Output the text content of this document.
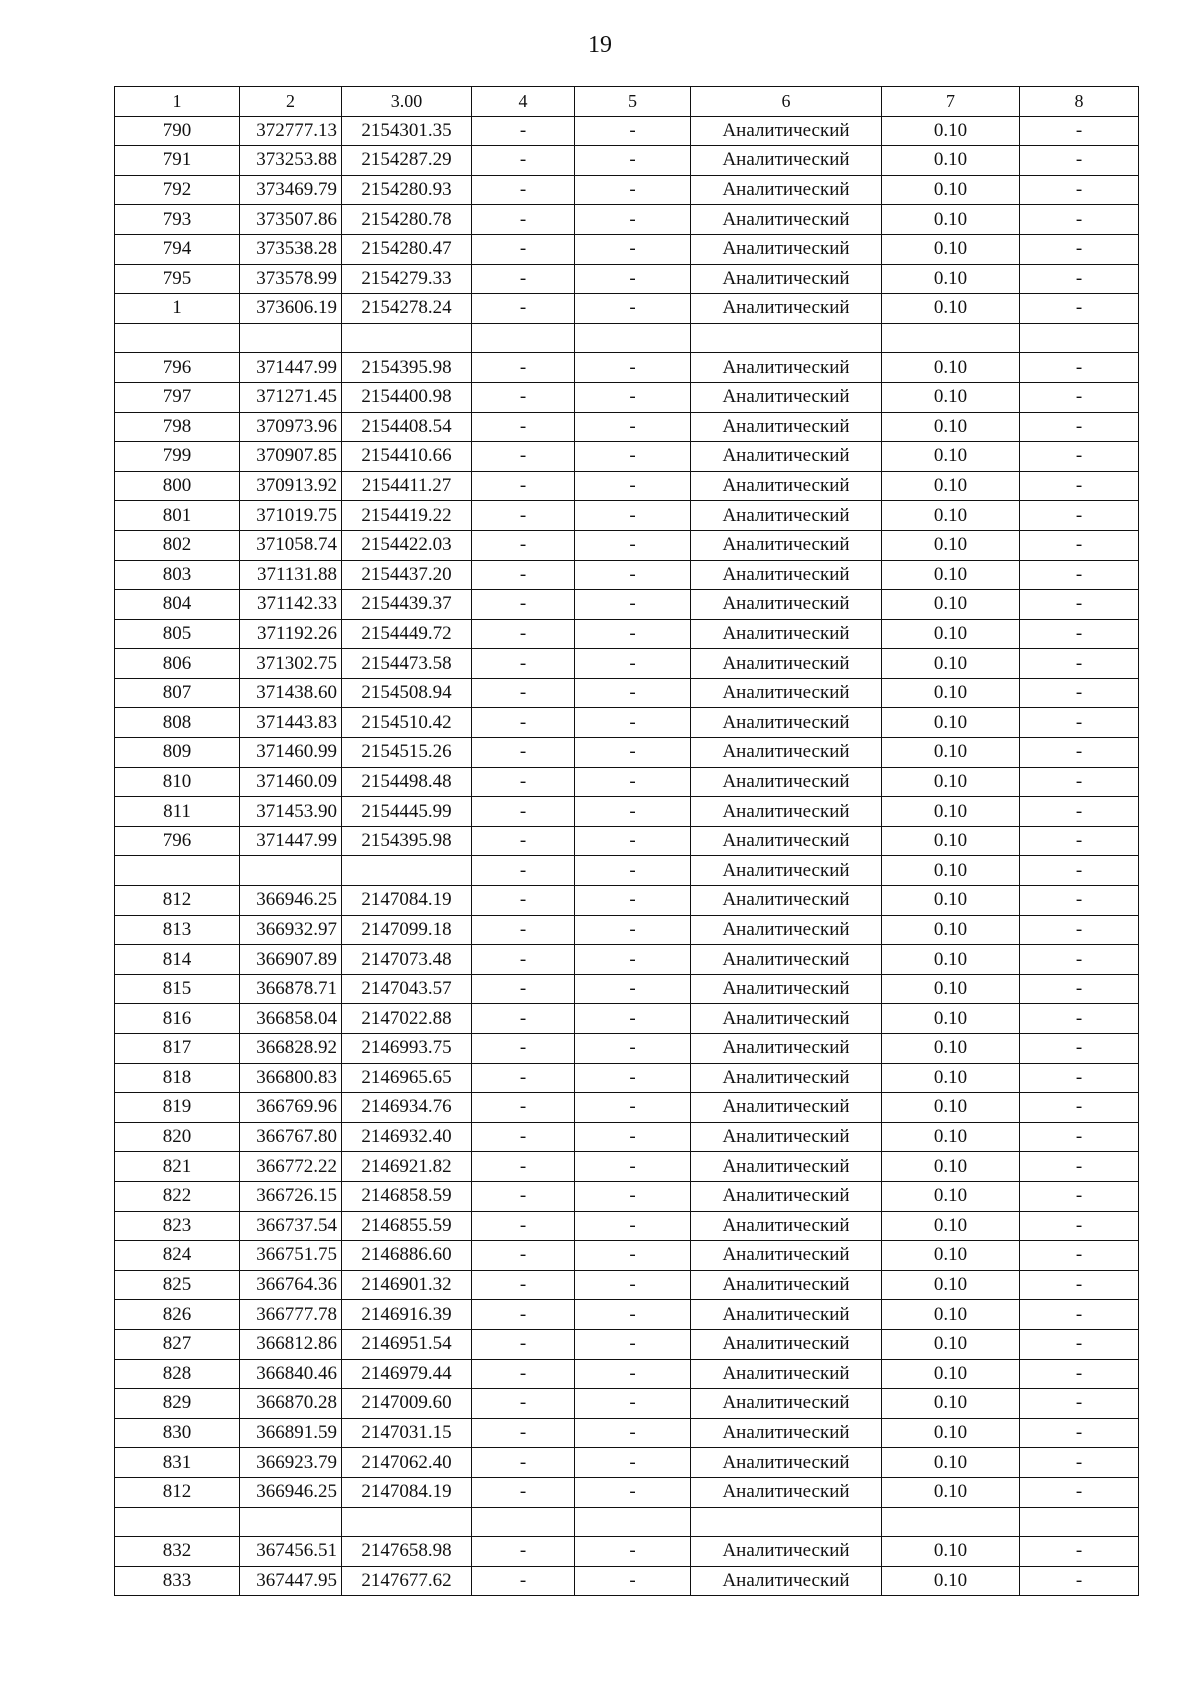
19
1	2	3.00	4	5	6	7	8
790	372777.13	2154301.35	-	-	Аналитический	0.10	-
791	373253.88	2154287.29	-	-	Аналитический	0.10	-
792	373469.79	2154280.93	-	-	Аналитический	0.10	-
793	373507.86	2154280.78	-	-	Аналитический	0.10	-
794	373538.28	2154280.47	-	-	Аналитический	0.10	-
795	373578.99	2154279.33	-	-	Аналитический	0.10	-
1	373606.19	2154278.24	-	-	Аналитический	0.10	-

796	371447.99	2154395.98	-	-	Аналитический	0.10	-
797	371271.45	2154400.98	-	-	Аналитический	0.10	-
798	370973.96	2154408.54	-	-	Аналитический	0.10	-
799	370907.85	2154410.66	-	-	Аналитический	0.10	-
800	370913.92	2154411.27	-	-	Аналитический	0.10	-
801	371019.75	2154419.22	-	-	Аналитический	0.10	-
802	371058.74	2154422.03	-	-	Аналитический	0.10	-
803	371131.88	2154437.20	-	-	Аналитический	0.10	-
804	371142.33	2154439.37	-	-	Аналитический	0.10	-
805	371192.26	2154449.72	-	-	Аналитический	0.10	-
806	371302.75	2154473.58	-	-	Аналитический	0.10	-
807	371438.60	2154508.94	-	-	Аналитический	0.10	-
808	371443.83	2154510.42	-	-	Аналитический	0.10	-
809	371460.99	2154515.26	-	-	Аналитический	0.10	-
810	371460.09	2154498.48	-	-	Аналитический	0.10	-
811	371453.90	2154445.99	-	-	Аналитический	0.10	-
796	371447.99	2154395.98	-	-	Аналитический	0.10	-
			-	-	Аналитический	0.10	-
812	366946.25	2147084.19	-	-	Аналитический	0.10	-
813	366932.97	2147099.18	-	-	Аналитический	0.10	-
814	366907.89	2147073.48	-	-	Аналитический	0.10	-
815	366878.71	2147043.57	-	-	Аналитический	0.10	-
816	366858.04	2147022.88	-	-	Аналитический	0.10	-
817	366828.92	2146993.75	-	-	Аналитический	0.10	-
818	366800.83	2146965.65	-	-	Аналитический	0.10	-
819	366769.96	2146934.76	-	-	Аналитический	0.10	-
820	366767.80	2146932.40	-	-	Аналитический	0.10	-
821	366772.22	2146921.82	-	-	Аналитический	0.10	-
822	366726.15	2146858.59	-	-	Аналитический	0.10	-
823	366737.54	2146855.59	-	-	Аналитический	0.10	-
824	366751.75	2146886.60	-	-	Аналитический	0.10	-
825	366764.36	2146901.32	-	-	Аналитический	0.10	-
826	366777.78	2146916.39	-	-	Аналитический	0.10	-
827	366812.86	2146951.54	-	-	Аналитический	0.10	-
828	366840.46	2146979.44	-	-	Аналитический	0.10	-
829	366870.28	2147009.60	-	-	Аналитический	0.10	-
830	366891.59	2147031.15	-	-	Аналитический	0.10	-
831	366923.79	2147062.40	-	-	Аналитический	0.10	-
812	366946.25	2147084.19	-	-	Аналитический	0.10	-

832	367456.51	2147658.98	-	-	Аналитический	0.10	-
833	367447.95	2147677.62	-	-	Аналитический	0.10	-
